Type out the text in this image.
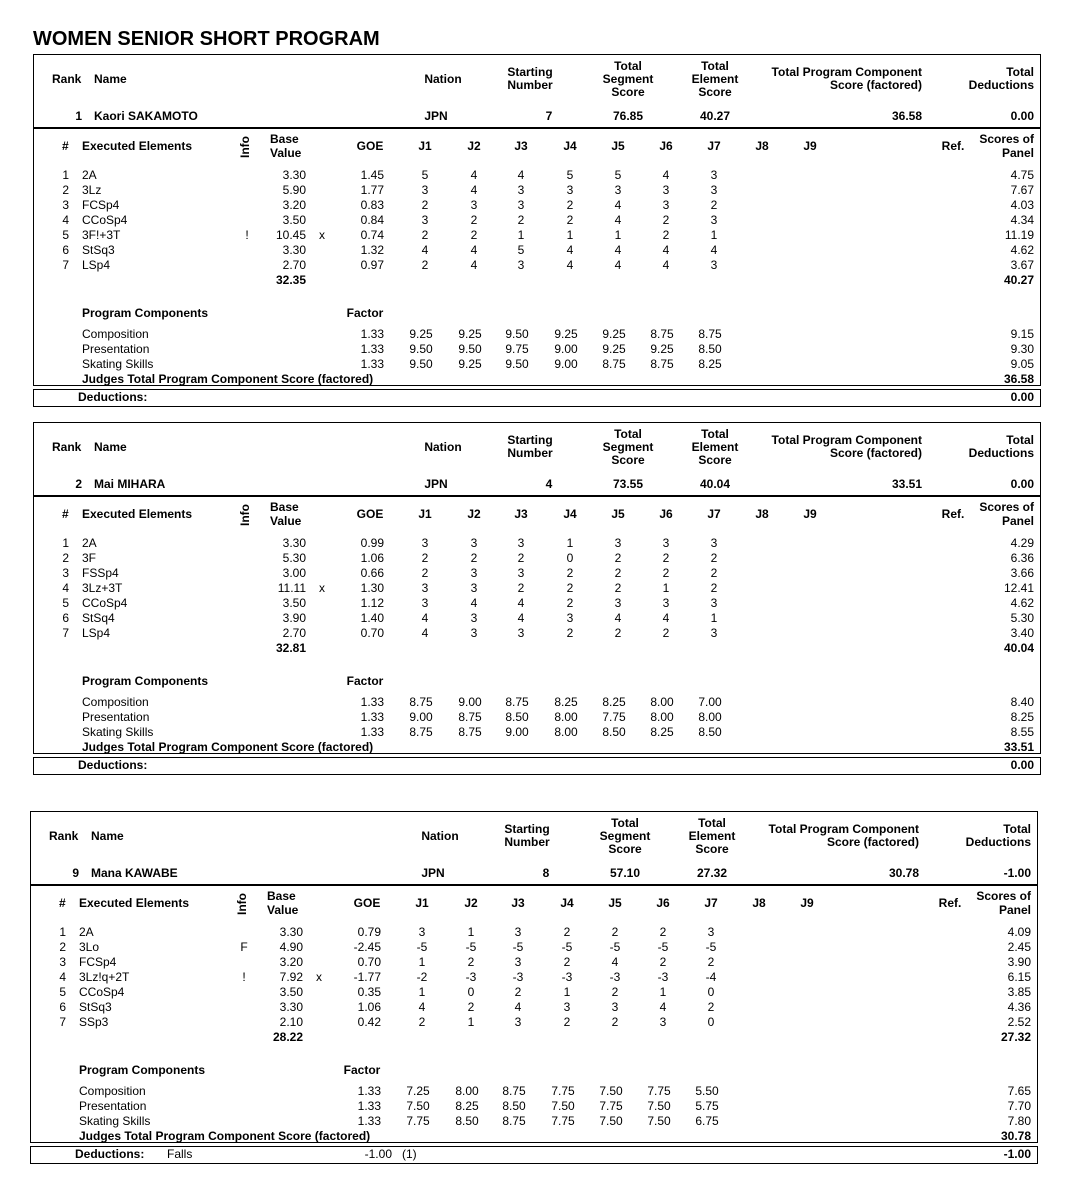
WOMEN SENIOR SHORT PROGRAM
Rank Name	Nation	Starting
Number
Total
Segment
Score
Total
Element
Score
Total Program Component
Score (factored)
Total
Deductions
1 Kaori SAKAMOTO	JPN	7	76.85	40.27	36.58	0.00
# Executed Elements	Info Base
Value	GOE	J1	J2	J3	J4	J5	J6	J7	J8	J9	Ref.	Scores of
Panel
1 2A	3.30	1.45	5	4	4	5	5	4	3	4.75
2 3Lz	5.90	1.77	3	4	3	3	3	3	3	7.67
3 FCSp4	3.20	0.83	2	3	3	2	4	3	2	4.03
4 CCoSp4	3.50	0.84	3	2	2	2	4	2	3	4.34
5 3F!+3T	!	10.45	x	0.74	2	2	1	1	1	2	1	11.19
6 StSq3	3.30	1.32	4	4	5	4	4	4	4	4.62
7 LSp4	2.70	0.97	2	4	3	4	4	4	3	3.67
32.35	40.27
Program Components	Factor
Composition	1.33	9.25	9.25	9.50	9.25	9.25	8.75	8.75	9.15
Presentation	1.33	9.50	9.50	9.75	9.00	9.25	9.25	8.50	9.30
Skating Skills	1.33	9.50	9.25	9.50	9.00	8.75	8.75	8.25	9.05
Judges Total Program Component Score (factored)	36.58
Deductions:	0.00
Rank Name	Nation	Starting
Number
Total
Segment
Score
Total
Element
Score
Total Program Component
Score (factored)
Total
Deductions
2 Mai MIHARA	JPN	4	73.55	40.04	33.51	0.00
# Executed Elements	Info Base
Value	GOE	J1	J2	J3	J4	J5	J6	J7	J8	J9	Ref.	Scores of
Panel
1 2A	3.30	0.99	3	3	3	1	3	3	3	4.29
2 3F	5.30	1.06	2	2	2	0	2	2	2	6.36
3 FSSp4	3.00	0.66	2	3	3	2	2	2	2	3.66
4 3Lz+3T	11.11	x	1.30	3	3	2	2	2	1	2	12.41
5 CCoSp4	3.50	1.12	3	4	4	2	3	3	3	4.62
6 StSq4	3.90	1.40	4	3	4	3	4	4	1	5.30
7 LSp4	2.70	0.70	4	3	3	2	2	2	3	3.40
32.81	40.04
Program Components	Factor
Composition	1.33	8.75	9.00	8.75	8.25	8.25	8.00	7.00	8.40
Presentation	1.33	9.00	8.75	8.50	8.00	7.75	8.00	8.00	8.25
Skating Skills	1.33	8.75	8.75	9.00	8.00	8.50	8.25	8.50	8.55
Judges Total Program Component Score (factored)	33.51
Deductions:	0.00
Rank Name	Nation	Starting
Number
Total
Segment
Score
Total
Element
Score
Total Program Component
Score (factored)
Total
Deductions
9 Mana KAWABE	JPN	8	57.10	27.32	30.78	-1.00
# Executed Elements	Info Base
Value	GOE	J1	J2	J3	J4	J5	J6	J7	J8	J9	Ref.	Scores of
Panel
1 2A	3.30	0.79	3	1	3	2	2	2	3	4.09
2 3Lo	F	4.90	-2.45	-5	-5	-5	-5	-5	-5	-5	2.45
3 FCSp4	3.20	0.70	1	2	3	2	4	2	2	3.90
4 3Lz!q+2T	!	7.92	x	-1.77	-2	-3	-3	-3	-3	-3	-4	6.15
5 CCoSp4	3.50	0.35	1	0	2	1	2	1	0	3.85
6 StSq3	3.30	1.06	4	2	4	3	3	4	2	4.36
7 SSp3	2.10	0.42	2	1	3	2	2	3	0	2.52
28.22	27.32
Program Components	Factor
Composition	1.33	7.25	8.00	8.75	7.75	7.50	7.75	5.50	7.65
Presentation	1.33	7.50	8.25	8.50	7.50	7.75	7.50	5.75	7.70
Skating Skills	1.33	7.75	8.50	8.75	7.75	7.50	7.50	6.75	7.80
Judges Total Program Component Score (factored)	30.78
Deductions: Falls	-1.00 (1)	-1.00
